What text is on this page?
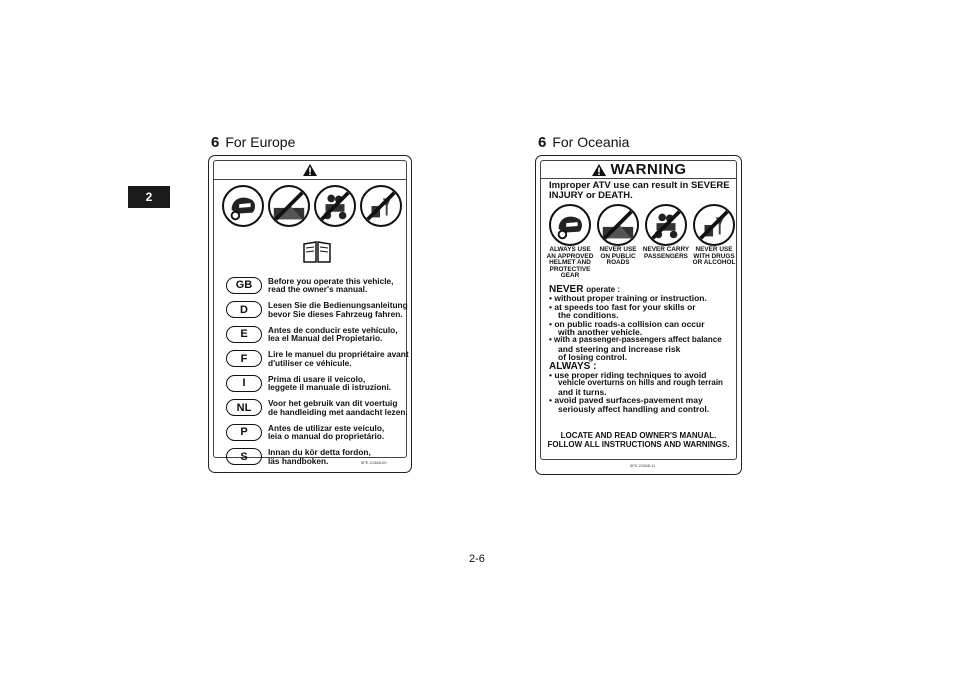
2
6 For Europe
GB	Before you operate this vehicle,
read the owner's manual.
D	Lesen Sie die Bedienungsanleitung
bevor Sie dieses Fahrzeug fahren.
E	Antes de conducir este vehículo,
lea el Manual del Propietario.
F	Lire le manuel du propriétaire avant
d'utiliser ce véhicule.
I	Prima di usare il veicolo,
leggete il manuale di istruzioni.
NL	Voor het gebruik van dit voertuig
de handleiding met aandacht lezen.
P	Antes de utilizar este veículo,
leia o manual do proprietário.
S	Innan du kör detta fordon,
läs handboken.	5FE-21568-00
6 For Oceania
WARNING
Improper ATV use can result in SEVERE
INJURY or DEATH.
ALWAYS USE
AN APPROVED
HELMET AND
PROTECTIVE
GEAR
NEVER USE
ON PUBLIC
ROADS
NEVER CARRY
PASSENGERS
NEVER USE
WITH DRUGS
OR ALCOHOL
NEVER operate :
• without proper training or instruction.
• at speeds too fast for your skills or
the conditions.
• on public roads-a collision can occur
with another vehicle.
• with a passenger-passengers affect balance
and steering and increase risk
of losing control.
ALWAYS :
• use proper riding techniques to avoid
vehicle overturns on hills and rough terrain
and it turns.
• avoid paved surfaces-pavement may
seriously affect handling and control.
LOCATE AND READ OWNER'S MANUAL.
FOLLOW ALL INSTRUCTIONS AND WARNINGS.
5FE-21568-11
2-6
